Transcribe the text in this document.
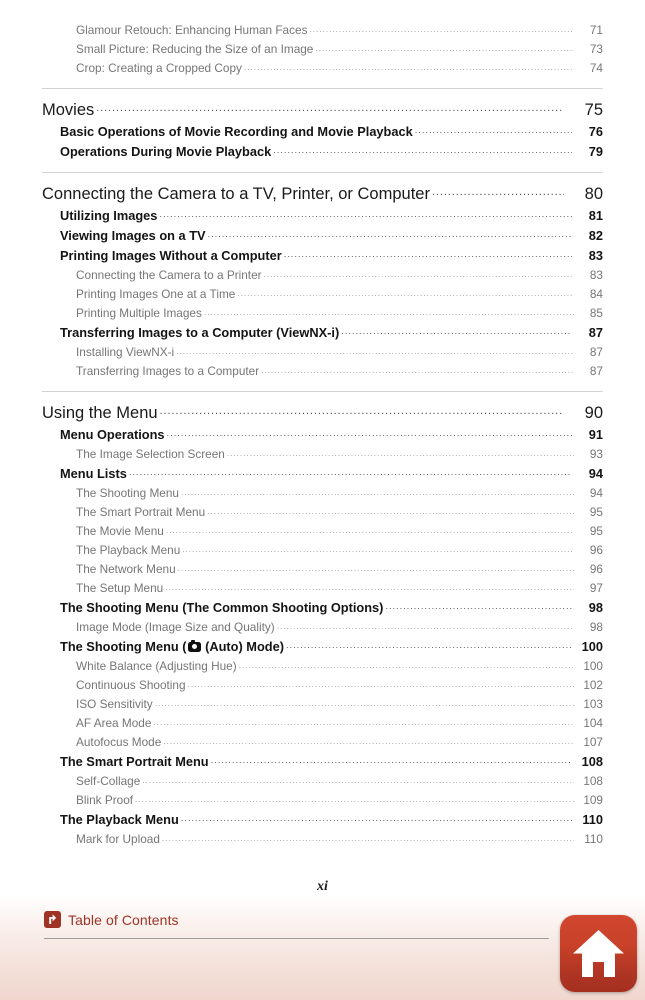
Glamour Retouch: Enhancing Human Faces .....	71
Small Picture: Reducing the Size of an Image .....	73
Crop: Creating a Cropped Copy .....	74
Movies .....	75
Basic Operations of Movie Recording and Movie Playback .....	76
Operations During Movie Playback .....	79
Connecting the Camera to a TV, Printer, or Computer .....	80
Utilizing Images .....	81
Viewing Images on a TV .....	82
Printing Images Without a Computer .....	83
Connecting the Camera to a Printer .....	83
Printing Images One at a Time .....	84
Printing Multiple Images .....	85
Transferring Images to a Computer (ViewNX-i) .....	87
Installing ViewNX-i .....	87
Transferring Images to a Computer .....	87
Using the Menu .....	90
Menu Operations .....	91
The Image Selection Screen .....	93
Menu Lists .....	94
The Shooting Menu .....	94
The Smart Portrait Menu .....	95
The Movie Menu .....	95
The Playback Menu .....	96
The Network Menu .....	96
The Setup Menu .....	97
The Shooting Menu (The Common Shooting Options) .....	98
Image Mode (Image Size and Quality) .....	98
The Shooting Menu ( (Auto) Mode) .....	100
White Balance (Adjusting Hue) .....	100
Continuous Shooting .....	102
ISO Sensitivity .....	103
AF Area Mode .....	104
Autofocus Mode .....	107
The Smart Portrait Menu .....	108
Self-Collage .....	108
Blink Proof .....	109
The Playback Menu .....	110
Mark for Upload .....	110
xi
Table of Contents
